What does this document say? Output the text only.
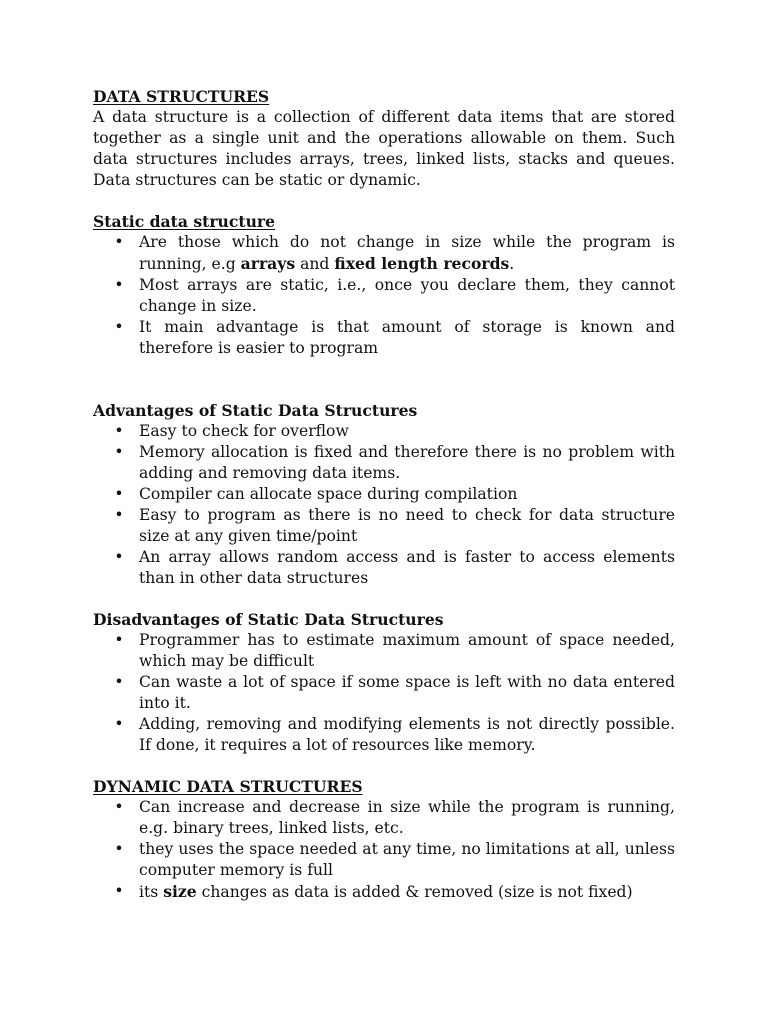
DATA STRUCTURES

A data structure is a collection of different data items that are stored together as a single unit and the operations allowable on them. Such data structures includes arrays, trees, linked lists, stacks and queues. Data structures can be static or dynamic.

Static data structure

• Are those which do not change in size while the program is running, e.g arrays and fixed length records.
• Most arrays are static, i.e., once you declare them, they cannot change in size.
• It main advantage is that amount of storage is known and therefore is easier to program

Advantages of Static Data Structures

• Easy to check for overflow
• Memory allocation is fixed and therefore there is no problem with adding and removing data items.
• Compiler can allocate space during compilation
• Easy to program as there is no need to check for data structure size at any given time/point
• An array allows random access and is faster to access elements than in other data structures

Disadvantages of Static Data Structures

• Programmer has to estimate maximum amount of space needed, which may be difficult
• Can waste a lot of space if some space is left with no data entered into it.
• Adding, removing and modifying elements is not directly possible. If done, it requires a lot of resources like memory.

DYNAMIC DATA STRUCTURES

• Can increase and decrease in size while the program is running, e.g. binary trees, linked lists, etc.
• they uses the space needed at any time, no limitations at all, unless computer memory is full
• its size changes as data is added & removed (size is not fixed)
